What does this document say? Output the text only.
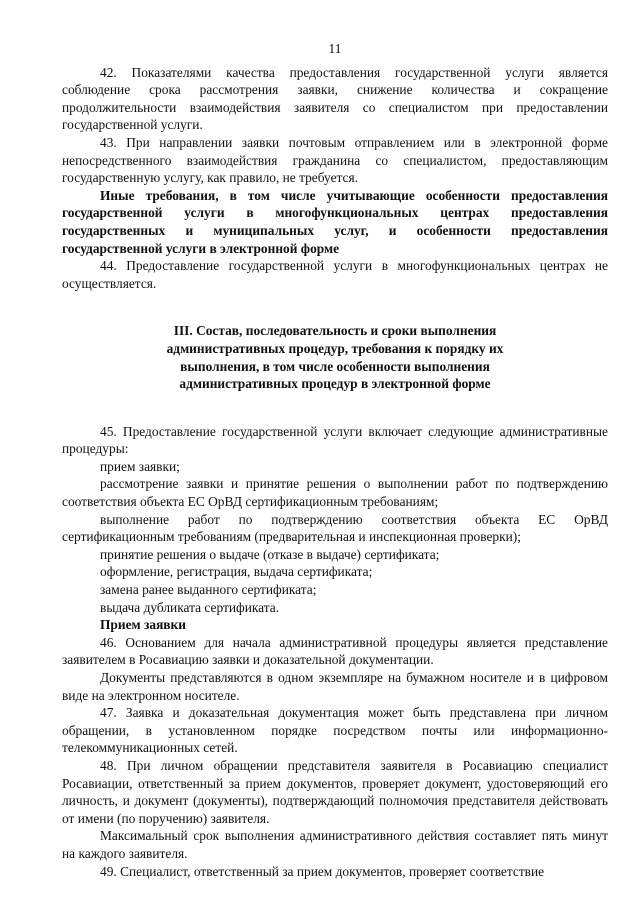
11

42. Показателями качества предоставления государственной услуги является соблюдение срока рассмотрения заявки, снижение количества и сокращение продолжительности взаимодействия заявителя со специалистом при предоставлении государственной услуги.

43. При направлении заявки почтовым отправлением или в электронной форме непосредственного взаимодействия гражданина со специалистом, предоставляющим государственную услугу, как правило, не требуется.

Иные требования, в том числе учитывающие особенности предоставления государственной услуги в многофункциональных центрах предоставления государственных и муниципальных услуг, и особенности предоставления государственной услуги в электронной форме

44. Предоставление государственной услуги в многофункциональных центрах не осуществляется.

III. Состав, последовательность и сроки выполнения административных процедур, требования к порядку их выполнения, в том числе особенности выполнения административных процедур в электронной форме

45. Предоставление государственной услуги включает следующие административные процедуры:

прием заявки;

рассмотрение заявки и принятие решения о выполнении работ по подтверждению соответствия объекта ЕС ОрВД сертификационным требованиям;

выполнение работ по подтверждению соответствия объекта ЕС ОрВД сертификационным требованиям (предварительная и инспекционная проверки);

принятие решения о выдаче (отказе в выдаче) сертификата;

оформление, регистрация, выдача сертификата;

замена ранее выданного сертификата;

выдача дубликата сертификата.

Прием заявки

46. Основанием для начала административной процедуры является представление заявителем в Росавиацию заявки и доказательной документации.

Документы представляются в одном экземпляре на бумажном носителе и в цифровом виде на электронном носителе.

47. Заявка и доказательная документация может быть представлена при личном обращении, в установленном порядке посредством почты или информационно-телекоммуникационных сетей.

48. При личном обращении представителя заявителя в Росавиацию специалист Росавиации, ответственный за прием документов, проверяет документ, удостоверяющий его личность, и документ (документы), подтверждающий полномочия представителя действовать от имени (по поручению) заявителя.

Максимальный срок выполнения административного действия составляет пять минут на каждого заявителя.

49. Специалист, ответственный за прием документов, проверяет соответствие
